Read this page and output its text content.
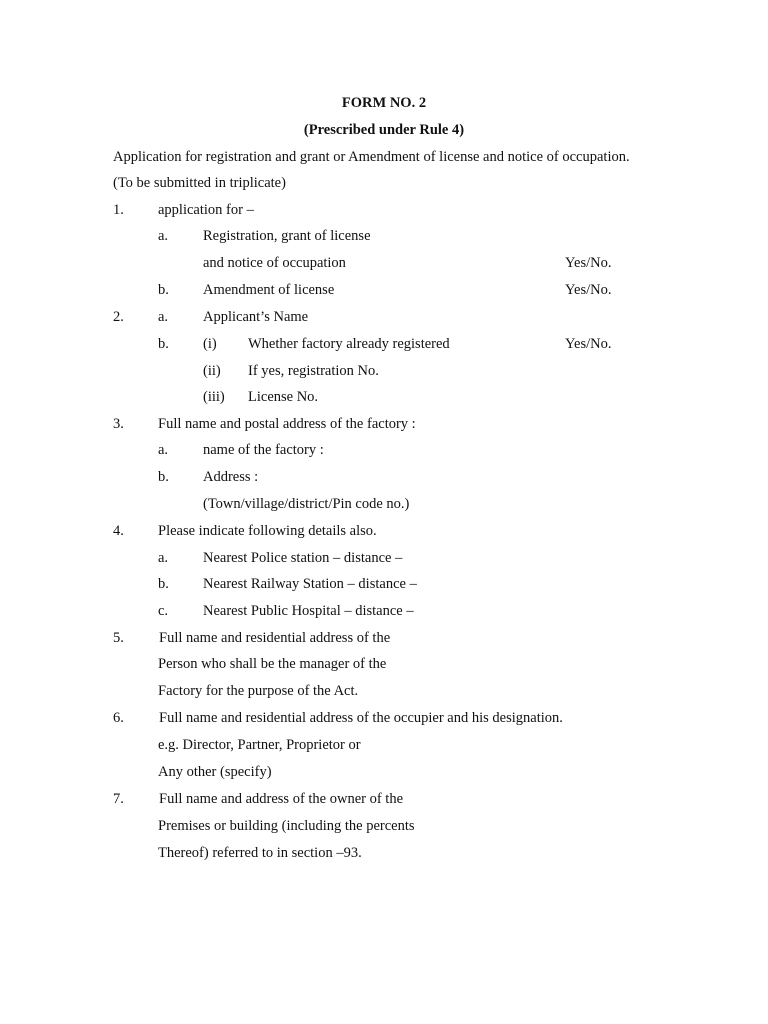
FORM NO. 2
(Prescribed under Rule 4)
Application for registration and grant or Amendment of license and notice of occupation.
(To be submitted in triplicate)
1. application for –
a. Registration, grant of license
and notice of occupation	Yes/No.
b. Amendment of license	Yes/No.
2. a. Applicant’s Name
b. (i) Whether factory already registered	Yes/No.
(ii) If yes, registration No.
(iii) License No.
3. Full name and postal address of the factory :
a. name of the factory :
b. Address :
(Town/village/district/Pin code no.)
4. Please indicate following details also.
a. Nearest Police station – distance –
b. Nearest Railway Station – distance –
c. Nearest Public Hospital – distance –
5. Full name and residential address of the
Person who shall be the manager of the
Factory for the purpose of the Act.
6. Full name and residential address of the occupier and his designation.
e.g. Director, Partner, Proprietor or
Any other (specify)
7. Full name and address of the owner of the
Premises or building (including the percents
Thereof) referred to in section –93.
